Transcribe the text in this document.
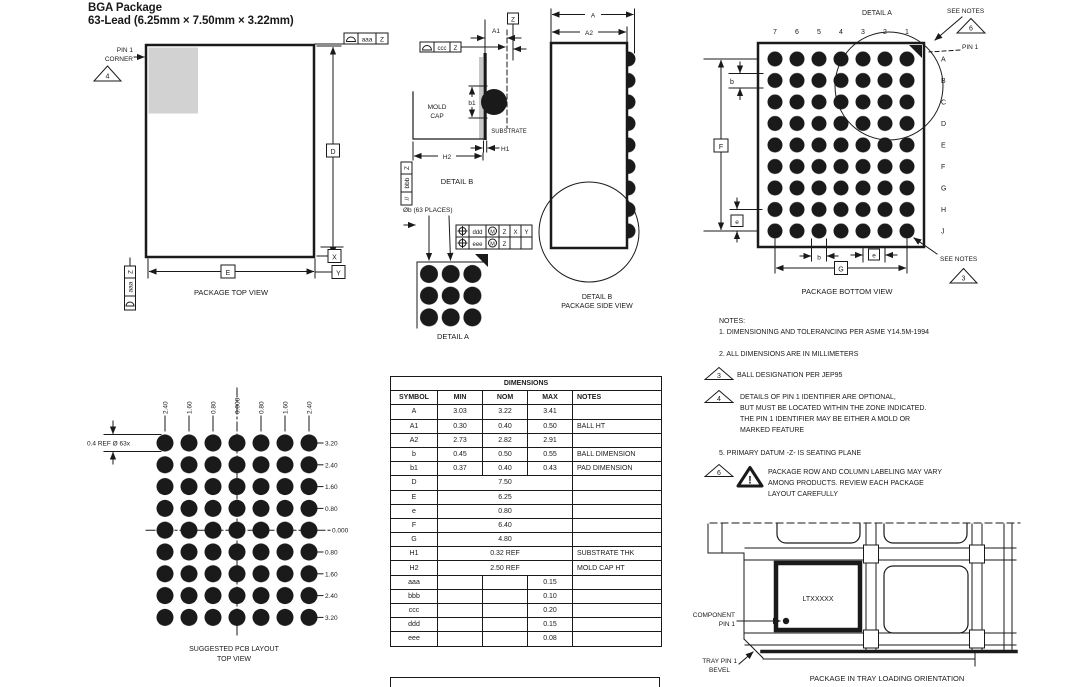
PIN 1
CORNER
4
aaa Z
D
E
X
Y
Z
aaa
PACKAGE TOP VIEW
Z
A1
ccc Z
b1
MOLD
CAP
SUBSTRATE
H1
H2
Z
bbb
//
DETAIL B
A
A2
DETAIL B
PACKAGE SIDE VIEW
Øb (63 PLACES)
ddd M Z X Y
eee M Z
DETAIL A
7	6	5	4	3	2	1
A
B
C
D
E
F
G
H
J
DETAIL A	SEE NOTES
6
PIN 1
F
b
e
b	e
G
SEE NOTES
3
PACKAGE BOTTOM VIEW
2.40	1.60	0.80	0.000	0.80	1.60	2.40
3.20
2.40
1.60
0.80
0.000
0.80
1.60
2.40
3.20
0.4 REF Ø 63x
SUGGESTED PCB LAYOUT
TOP VIEW
LTXXXXX
COMPONENT
PIN 1
TRAY PIN 1
BEVEL
PACKAGE IN TRAY LOADING ORIENTATION
BGA Package
63-Lead (6.25mm × 7.50mm × 3.22mm)
NOTES:
1. DIMENSIONING AND TOLERANCING PER ASME Y14.5M-1994
2. ALL DIMENSIONS ARE IN MILLIMETERS
3 BALL DESIGNATION PER JEP95
4	DETAILS OF PIN 1 IDENTIFIER ARE OPTIONAL,
BUT MUST BE LOCATED WITHIN THE ZONE INDICATED.
THE PIN 1 IDENTIFIER MAY BE EITHER A MOLD OR
MARKED FEATURE
5. PRIMARY DATUM -Z- IS SEATING PLANE
6
!
PACKAGE ROW AND COLUMN LABELING MAY VARY
AMONG PRODUCTS. REVIEW EACH PACKAGE
LAYOUT CAREFULLY
DIMENSIONS				
SYMBOL	MIN	NOM	MAX	NOTES
A	3.03	3.22	3.41	
A1	0.30	0.40	0.50	BALL HT
A2	2.73	2.82	2.91	
b	0.45	0.50	0.55	BALL DIMENSION
b1	0.37	0.40	0.43	PAD DIMENSION
D	7.50			
E	6.25			
e	0.80			
F	6.40			
G	4.80			
H1	0.32 REF			SUBSTRATE THK
H2	2.50 REF			MOLD CAP HT
aaa			0.15	
bbb			0.10	
ccc			0.20	
ddd			0.15	
eee			0.08	
